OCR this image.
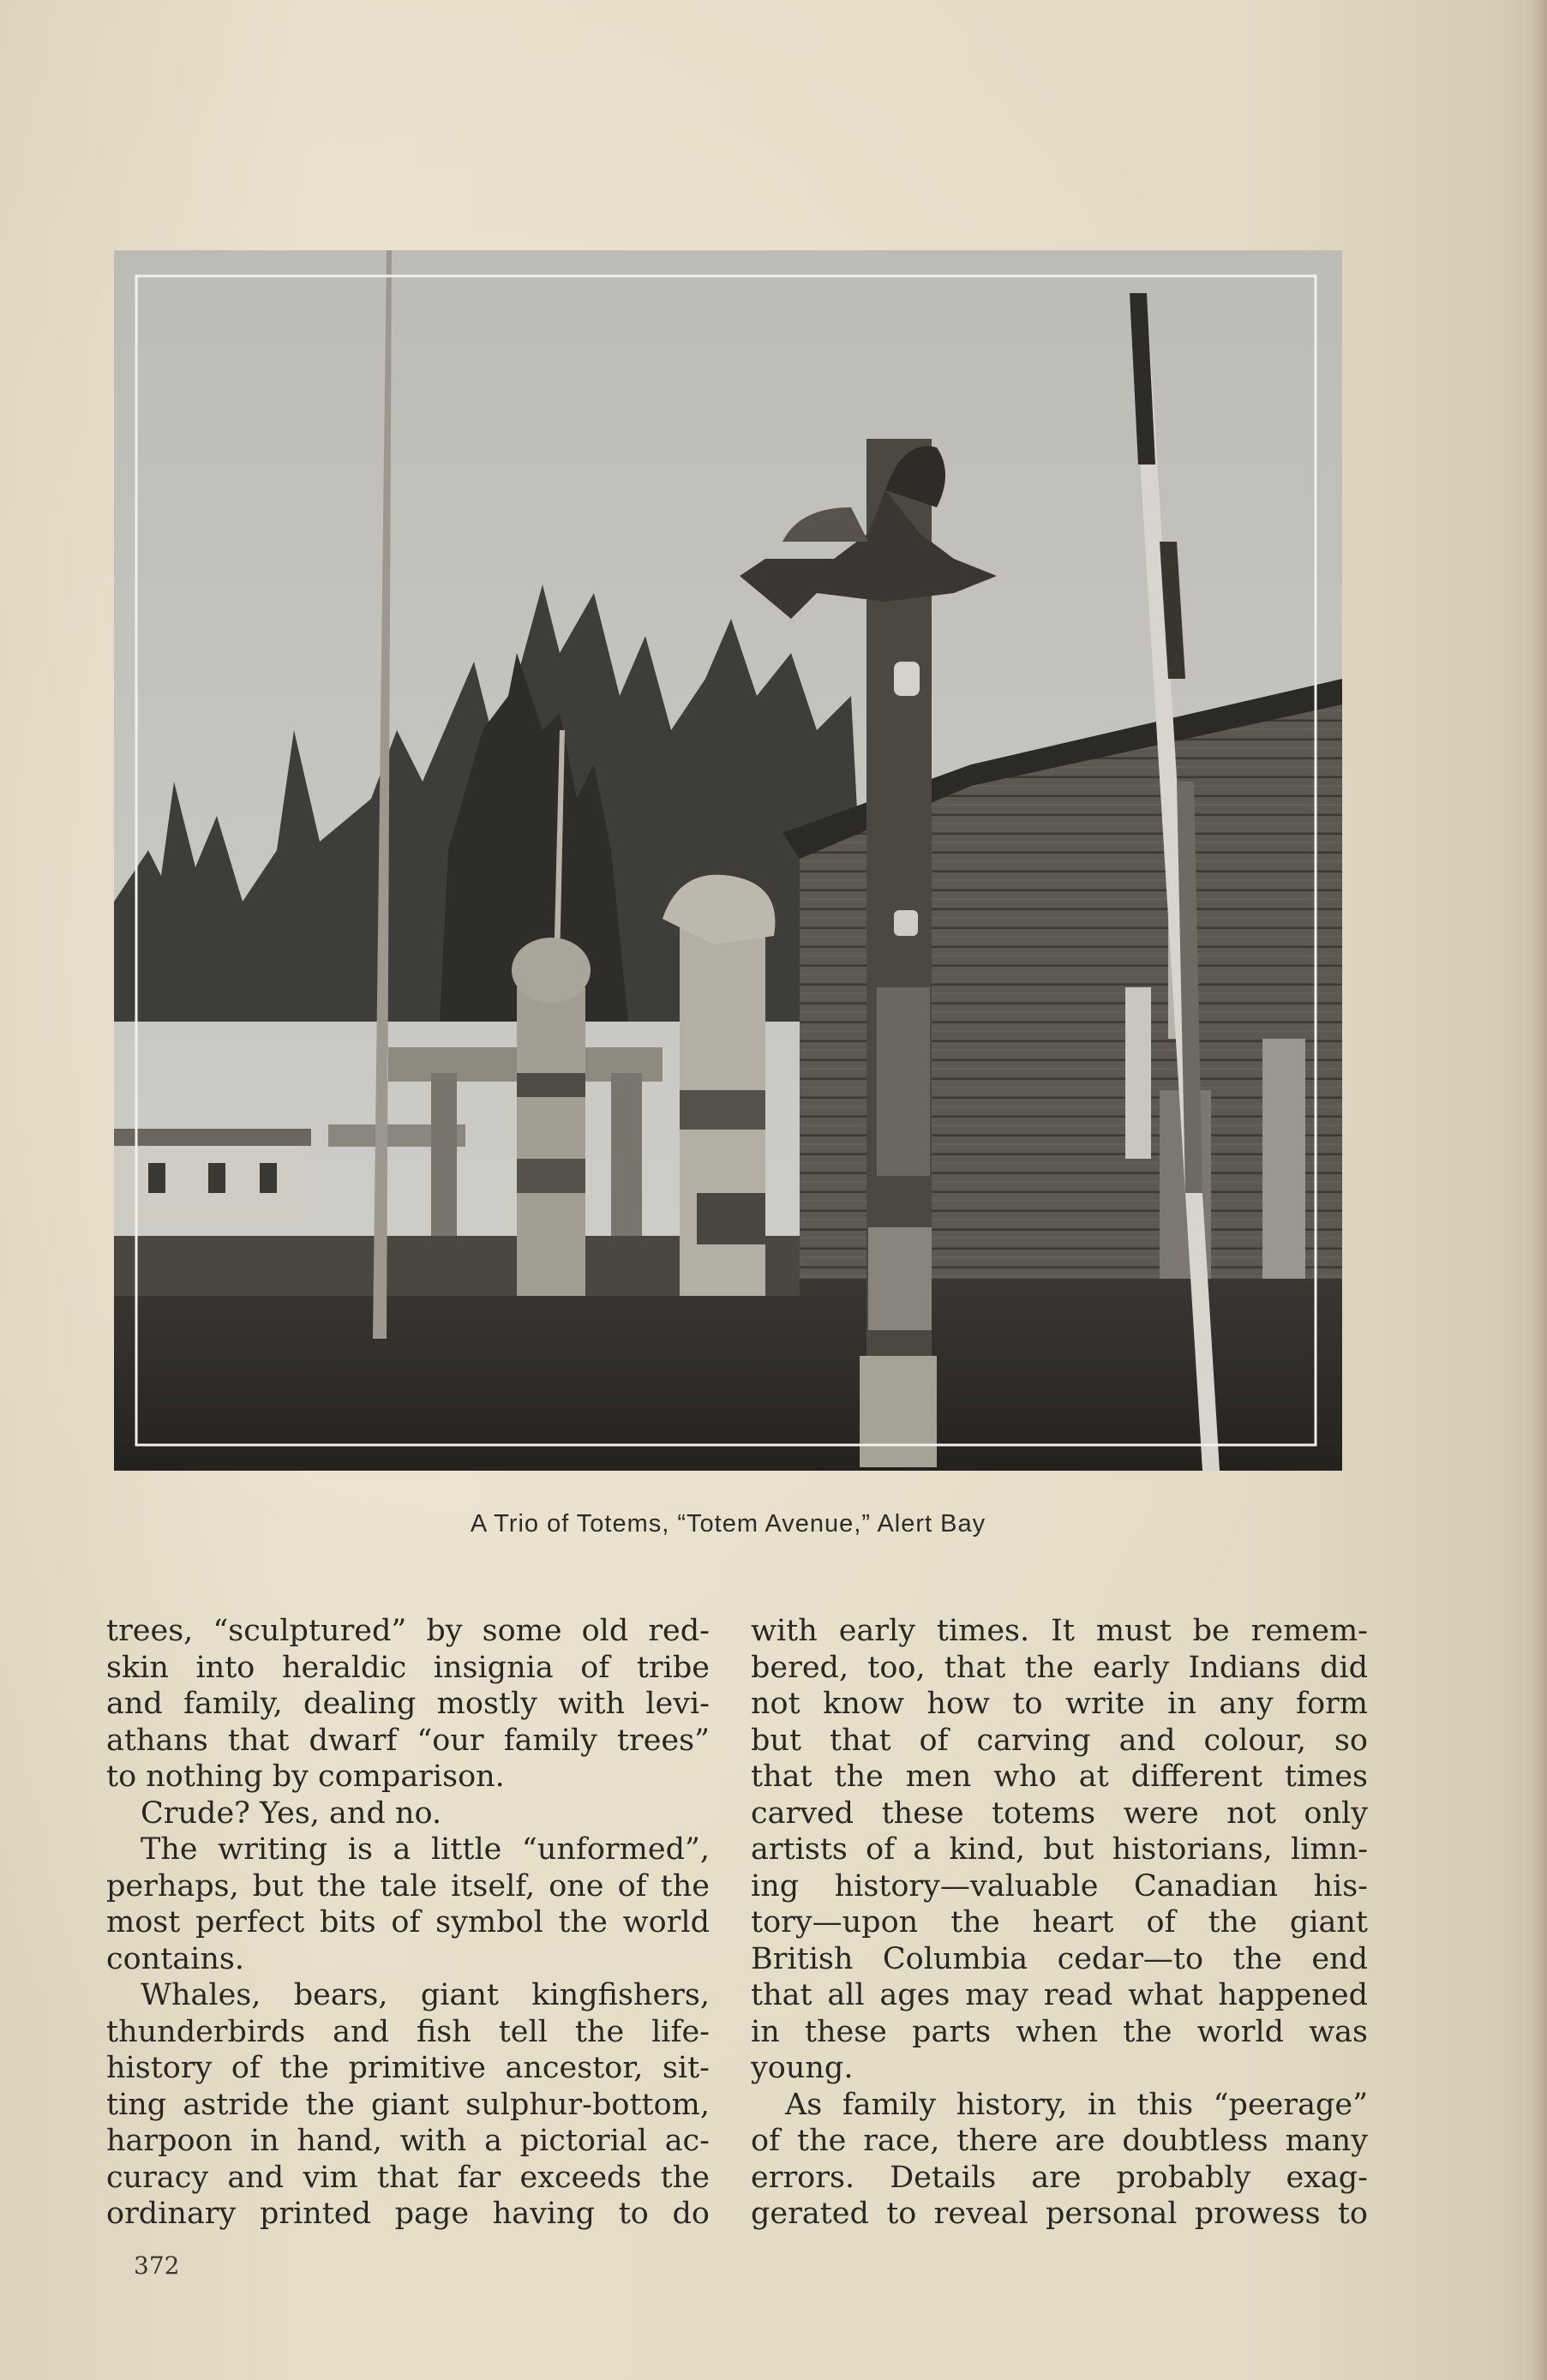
A Trio of Totems, “Totem Avenue,” Alert Bay
trees, “sculptured” by some old red-
skin into heraldic insignia of tribe
and family, dealing mostly with levi-
athans that dwarf “our family trees”
to nothing by comparison.
Crude? Yes, and no.
The writing is a little “unformed”,
perhaps, but the tale itself, one of the
most perfect bits of symbol the world
contains.
Whales, bears, giant kingfishers,
thunderbirds and fish tell the life-
history of the primitive ancestor, sit-
ting astride the giant sulphur-bottom,
harpoon in hand, with a pictorial ac-
curacy and vim that far exceeds the
ordinary printed page having to do
with early times. It must be remem-
bered, too, that the early Indians did
not know how to write in any form
but that of carving and colour, so
that the men who at different times
carved these totems were not only
artists of a kind, but historians, limn-
ing history—valuable Canadian his-
tory—upon the heart of the giant
British Columbia cedar—to the end
that all ages may read what happened
in these parts when the world was
young.
As family history, in this “peerage”
of the race, there are doubtless many
errors. Details are probably exag-
gerated to reveal personal prowess to
372
